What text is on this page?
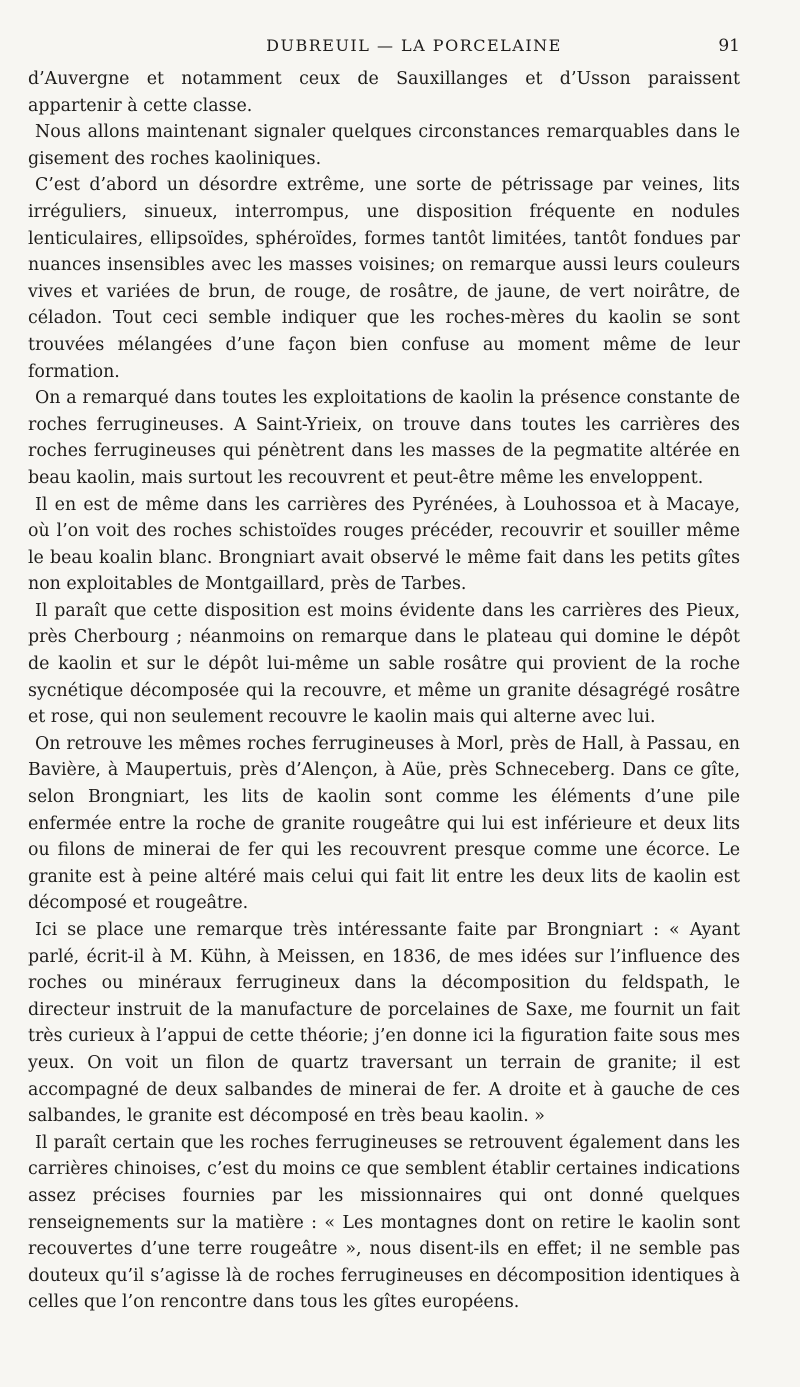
DUBREUIL — LA PORCELAINE	91

d’Auvergne et notamment ceux de Sauxillanges et d’Usson paraissent appartenir à cette classe.

Nous allons maintenant signaler quelques circonstances remarquables dans le gisement des roches kaoliniques.

C’est d’abord un désordre extrême, une sorte de pétrissage par veines, lits irréguliers, sinueux, interrompus, une disposition fréquente en nodules lenticulaires, ellipsoïdes, sphéroïdes, formes tantôt limitées, tantôt fondues par nuances insensibles avec les masses voisines; on remarque aussi leurs couleurs vives et variées de brun, de rouge, de rosâtre, de jaune, de vert noirâtre, de céladon. Tout ceci semble indiquer que les roches-mères du kaolin se sont trouvées mélangées d’une façon bien confuse au moment même de leur formation.

On a remarqué dans toutes les exploitations de kaolin la présence constante de roches ferrugineuses. A Saint-Yrieix, on trouve dans toutes les carrières des roches ferrugineuses qui pénètrent dans les masses de la pegmatite altérée en beau kaolin, mais surtout les recouvrent et peut-être même les enveloppent.

Il en est de même dans les carrières des Pyrénées, à Louhossoa et à Macaye, où l’on voit des roches schistoïdes rouges précéder, recouvrir et souiller même le beau koalin blanc. Brongniart avait observé le même fait dans les petits gîtes non exploitables de Montgaillard, près de Tarbes.

Il paraît que cette disposition est moins évidente dans les carrières des Pieux, près Cherbourg ; néanmoins on remarque dans le plateau qui domine le dépôt de kaolin et sur le dépôt lui-même un sable rosâtre qui provient de la roche sycnétique décomposée qui la recouvre, et même un granite désagrégé rosâtre et rose, qui non seulement recouvre le kaolin mais qui alterne avec lui.

On retrouve les mêmes roches ferrugineuses à Morl, près de Hall, à Passau, en Bavière, à Maupertuis, près d’Alençon, à Aüe, près Schneceberg. Dans ce gîte, selon Brongniart, les lits de kaolin sont comme les éléments d’une pile enfermée entre la roche de granite rougeâtre qui lui est inférieure et deux lits ou filons de minerai de fer qui les recouvrent presque comme une écorce. Le granite est à peine altéré mais celui qui fait lit entre les deux lits de kaolin est décomposé et rougeâtre.

Ici se place une remarque très intéressante faite par Brongniart : « Ayant parlé, écrit-il à M. Kühn, à Meissen, en 1836, de mes idées sur l’influence des roches ou minéraux ferrugineux dans la décomposition du feldspath, le directeur instruit de la manufacture de porcelaines de Saxe, me fournit un fait très curieux à l’appui de cette théorie; j’en donne ici la figuration faite sous mes yeux. On voit un filon de quartz traversant un terrain de granite; il est accompagné de deux salbandes de minerai de fer. A droite et à gauche de ces salbandes, le granite est décomposé en très beau kaolin. »

Il paraît certain que les roches ferrugineuses se retrouvent également dans les carrières chinoises, c’est du moins ce que semblent établir certaines indications assez précises fournies par les missionnaires qui ont donné quelques renseignements sur la matière : « Les montagnes dont on retire le kaolin sont recouvertes d’une terre rougeâtre », nous disent-ils en effet; il ne semble pas douteux qu’il s’agisse là de roches ferrugineuses en décomposition identiques à celles que l’on rencontre dans tous les gîtes européens.
